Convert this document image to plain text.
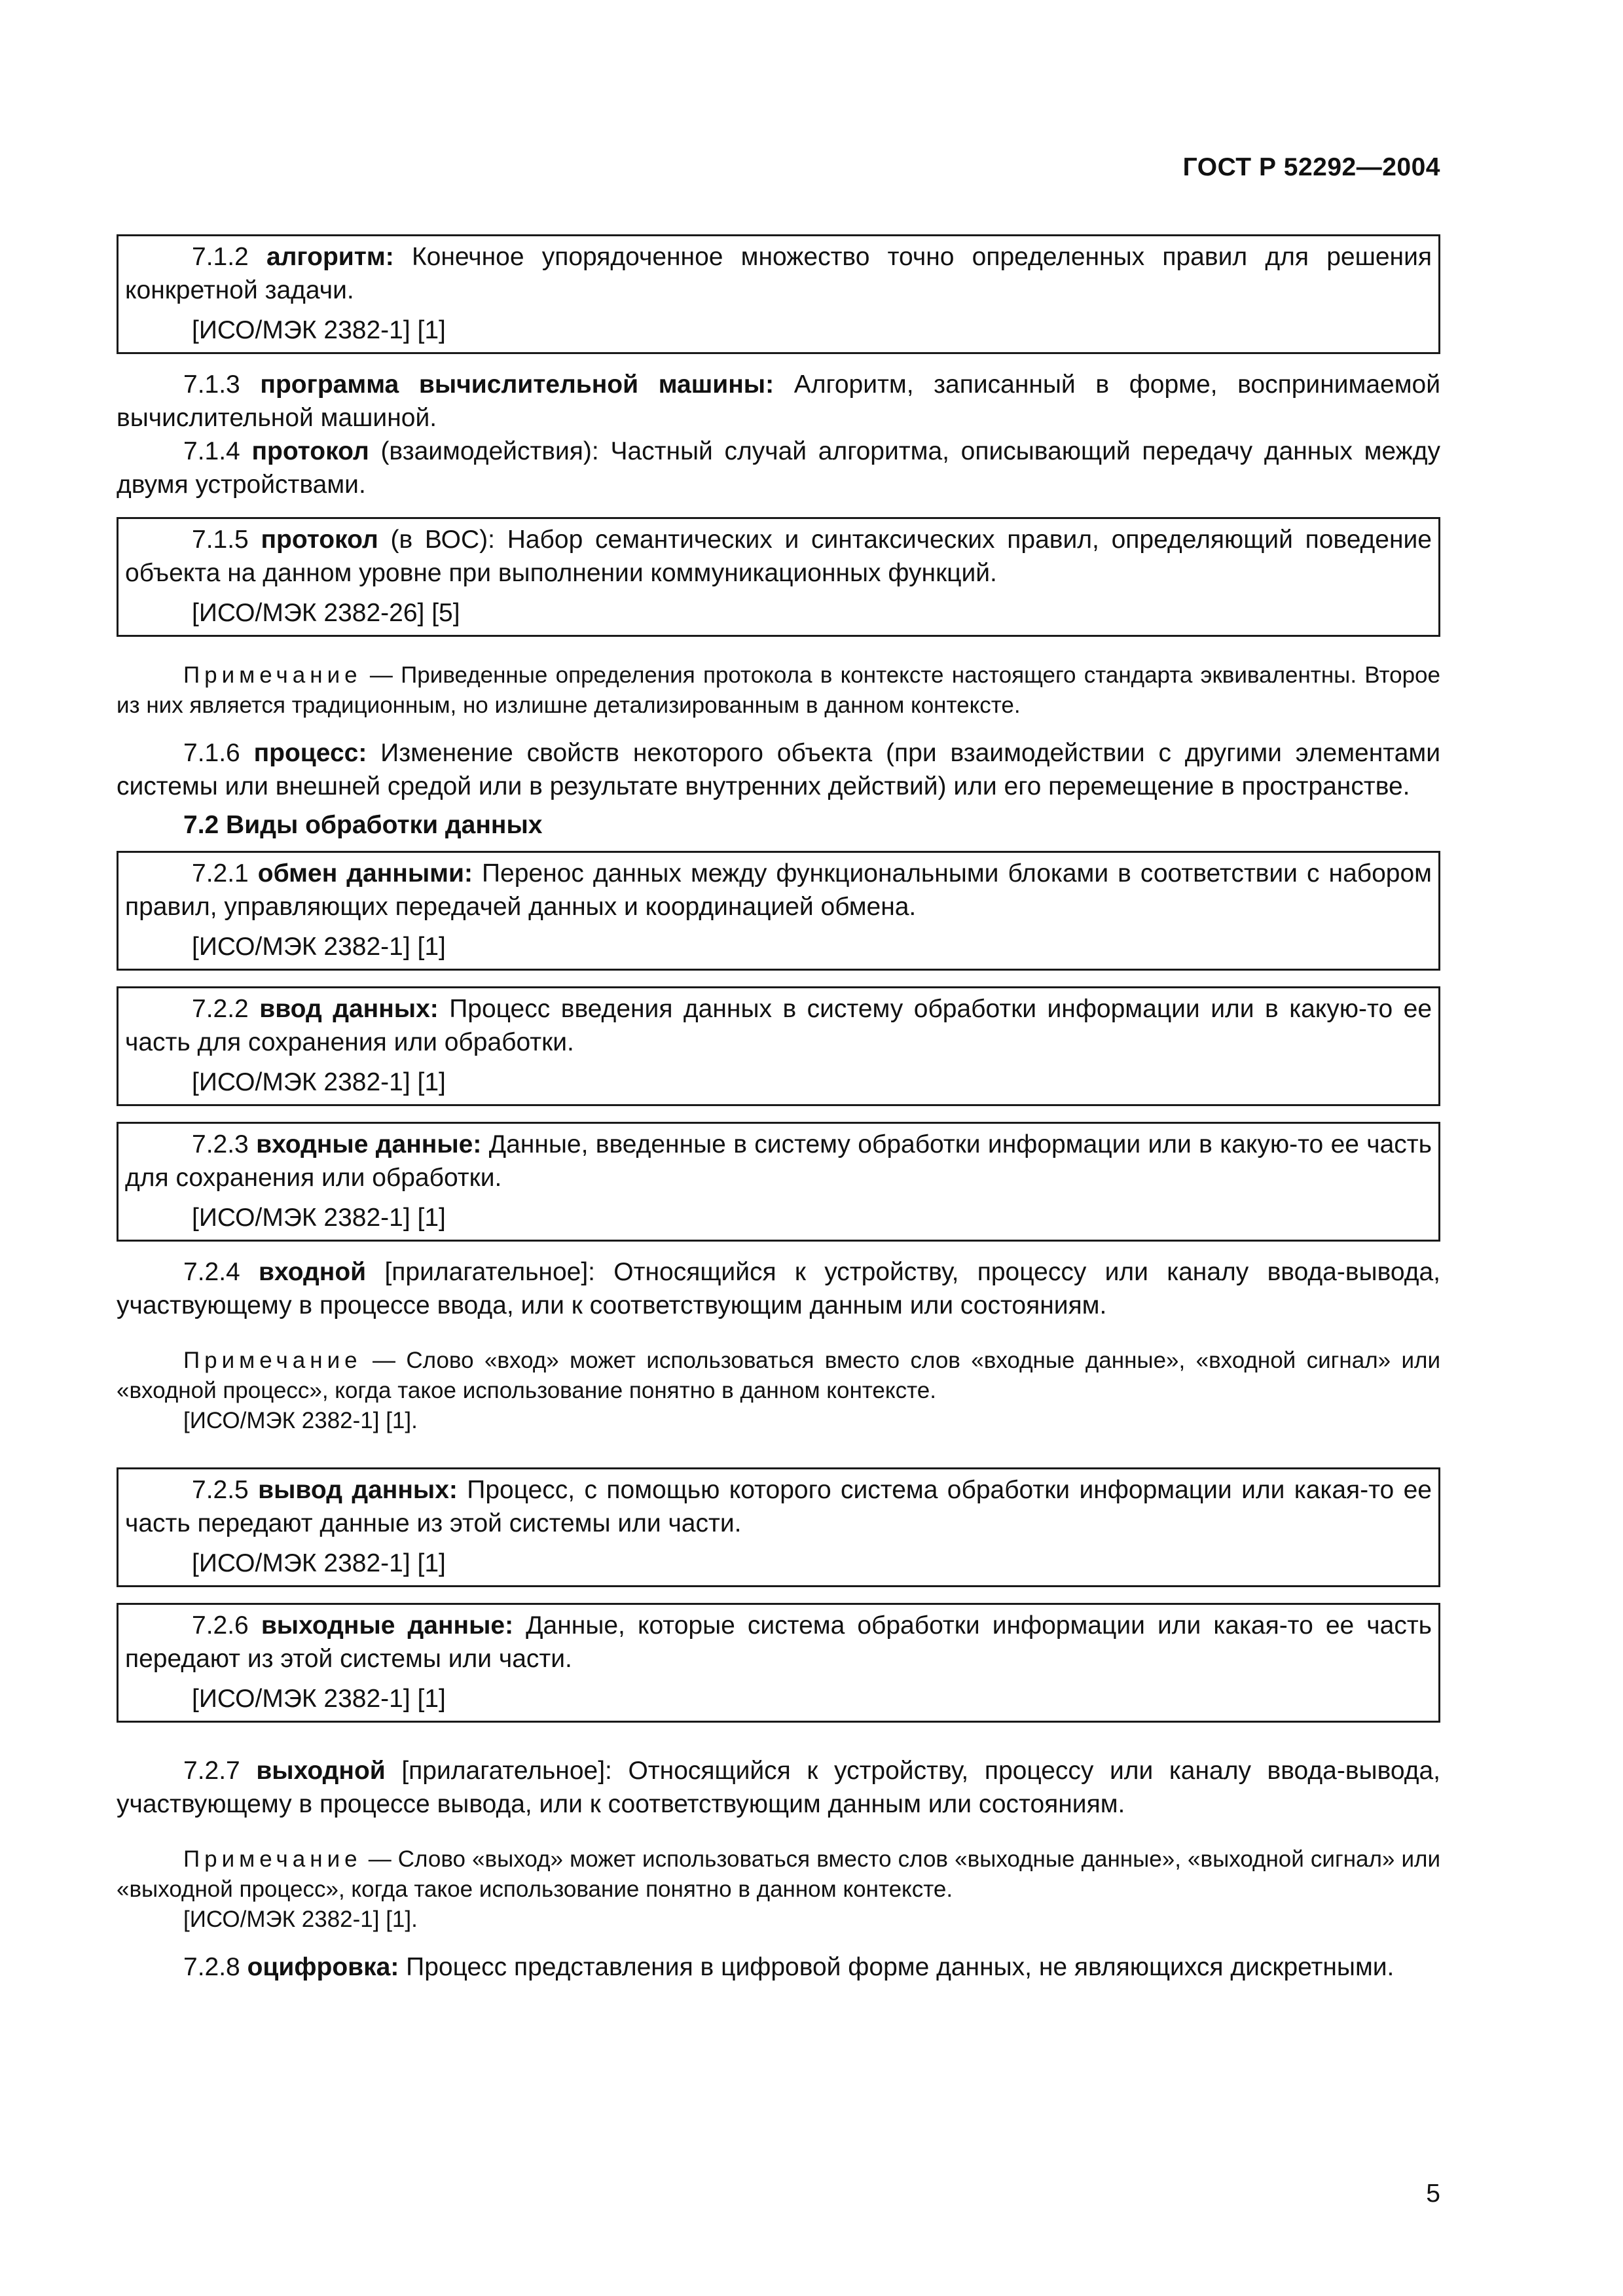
ГОСТ Р 52292—2004

7.1.2 алгоритм: Конечное упорядоченное множество точно определенных правил для решения конкретной задачи.

[ИСО/МЭК 2382-1] [1]

7.1.3 программа вычислительной машины: Алгоритм, записанный в форме, воспринимаемой вычислительной машиной.

7.1.4 протокол (взаимодействия): Частный случай алгоритма, описывающий передачу данных между двумя устройствами.

7.1.5 протокол (в ВОС): Набор семантических и синтаксических правил, определяющий поведение объекта на данном уровне при выполнении коммуникационных функций.

[ИСО/МЭК 2382-26] [5]

Примечание — Приведенные определения протокола в контексте настоящего стандарта эквивалентны. Второе из них является традиционным, но излишне детализированным в данном контексте.

7.1.6 процесс: Изменение свойств некоторого объекта (при взаимодействии с другими элементами системы или внешней средой или в результате внутренних действий) или его перемещение в пространстве.

7.2 Виды обработки данных

7.2.1 обмен данными: Перенос данных между функциональными блоками в соответствии с набором правил, управляющих передачей данных и координацией обмена.

[ИСО/МЭК 2382-1] [1]

7.2.2 ввод данных: Процесс введения данных в систему обработки информации или в какую-то ее часть для сохранения или обработки.

[ИСО/МЭК 2382-1] [1]

7.2.3 входные данные: Данные, введенные в систему обработки информации или в какую-то ее часть для сохранения или обработки.

[ИСО/МЭК 2382-1] [1]

7.2.4 входной [прилагательное]: Относящийся к устройству, процессу или каналу ввода-вывода, участвующему в процессе ввода, или к соответствующим данным или состояниям.

Примечание — Слово «вход» может использоваться вместо слов «входные данные», «входной сигнал» или «входной процесс», когда такое использование понятно в данном контексте.

[ИСО/МЭК 2382-1] [1].

7.2.5 вывод данных: Процесс, с помощью которого система обработки информации или какая-то ее часть передают данные из этой системы или части.

[ИСО/МЭК 2382-1] [1]

7.2.6 выходные данные: Данные, которые система обработки информации или какая-то ее часть передают из этой системы или части.

[ИСО/МЭК 2382-1] [1]

7.2.7 выходной [прилагательное]: Относящийся к устройству, процессу или каналу ввода-вывода, участвующему в процессе вывода, или к соответствующим данным или состояниям.

Примечание — Слово «выход» может использоваться вместо слов «выходные данные», «выходной сигнал» или «выходной процесс», когда такое использование понятно в данном контексте.

[ИСО/МЭК 2382-1] [1].

7.2.8 оцифровка: Процесс представления в цифровой форме данных, не являющихся дискретными.

5
